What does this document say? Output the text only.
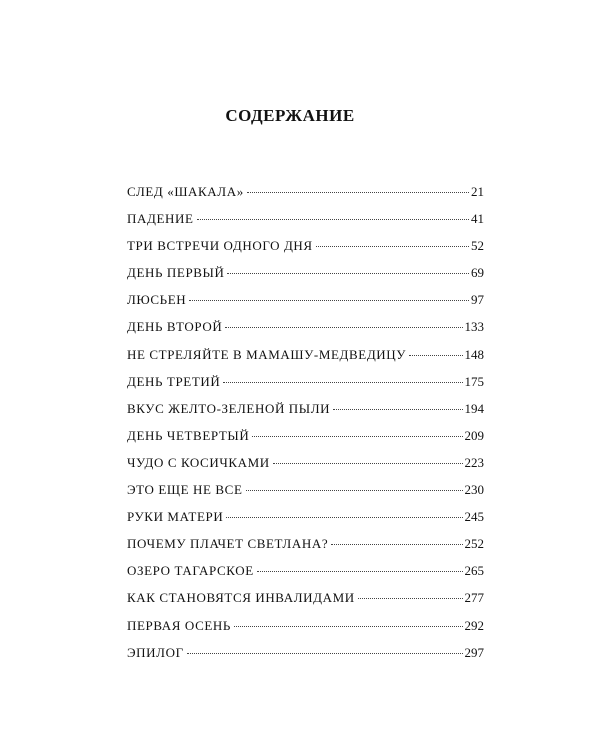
СОДЕРЖАНИЕ
СЛЕД «ШАКАЛА»	21
ПАДЕНИЕ	41
ТРИ ВСТРЕЧИ ОДНОГО ДНЯ	52
ДЕНЬ ПЕРВЫЙ	69
ЛЮСЬЕН	97
ДЕНЬ ВТОРОЙ	133
НЕ СТРЕЛЯЙТЕ В МАМАШУ-МЕДВЕДИЦУ	148
ДЕНЬ ТРЕТИЙ	175
ВКУС ЖЕЛТО-ЗЕЛЕНОЙ ПЫЛИ	194
ДЕНЬ ЧЕТВЕРТЫЙ	209
ЧУДО С КОСИЧКАМИ	223
ЭТО ЕЩЕ НЕ ВСЕ	230
РУКИ МАТЕРИ	245
ПОЧЕМУ ПЛАЧЕТ СВЕТЛАНА?	252
ОЗЕРО ТАГАРСКОЕ	265
КАК СТАНОВЯТСЯ ИНВАЛИДАМИ	277
ПЕРВАЯ ОСЕНЬ	292
ЭПИЛОГ	297
